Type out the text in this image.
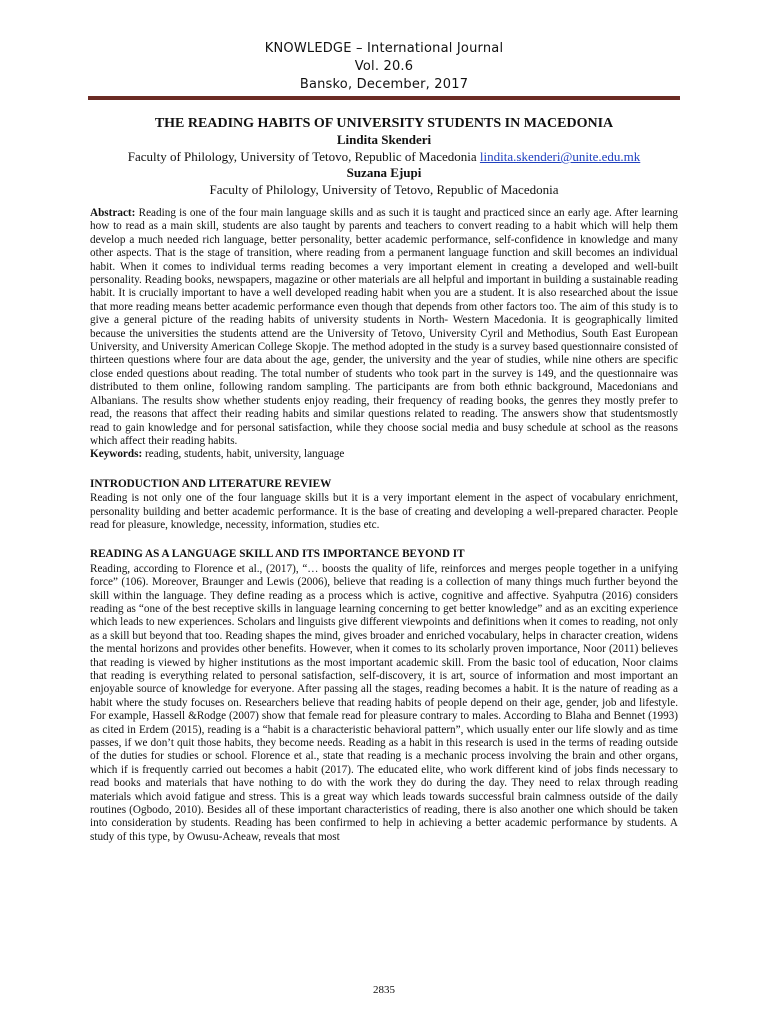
KNOWLEDGE – International Journal
Vol. 20.6
Bansko, December, 2017
THE READING HABITS OF UNIVERSITY STUDENTS IN MACEDONIA
Lindita Skenderi
Faculty of Philology, University of Tetovo, Republic of Macedonia lindita.skenderi@unite.edu.mk
Suzana Ejupi
Faculty of Philology, University of Tetovo, Republic of Macedonia

Abstract: Reading is one of the four main language skills and as such it is taught and practiced since an early age. After learning how to read as a main skill, students are also taught by parents and teachers to convert reading to a habit which will help them develop a much needed rich language, better personality, better academic performance, self-confidence in knowledge and many other aspects. That is the stage of transition, where reading from a permanent language function and skill becomes an individual habit. When it comes to individual terms reading becomes a very important element in creating a developed and well-built personality. Reading books, newspapers, magazine or other materials are all helpful and important in building a sustainable reading habit. It is crucially important to have a well developed reading habit when you are a student. It is also researched about the issue that more reading means better academic performance even though that depends from other factors too. The aim of this study is to give a general picture of the reading habits of university students in North- Western Macedonia. It is geographically limited because the universities the students attend are the University of Tetovo, University Cyril and Methodius, South East European University, and University American College Skopje. The method adopted in the study is a survey based questionnaire consisted of thirteen questions where four are data about the age, gender, the university and the year of studies, while nine others are specific close ended questions about reading. The total number of students who took part in the survey is 149, and the questionnaire was distributed to them online, following random sampling. The participants are from both ethnic background, Macedonians and Albanians. The results show whether students enjoy reading, their frequency of reading books, the genres they mostly prefer to read, the reasons that affect their reading habits and similar questions related to reading. The answers show that studentsmostly read to gain knowledge and for personal satisfaction, while they choose social media and busy schedule at school as the reasons which affect their reading habits.

Keywords: reading, students, habit, university, language

INTRODUCTION AND LITERATURE REVIEW

Reading is not only one of the four language skills but it is a very important element in the aspect of vocabulary enrichment, personality building and better academic performance. It is the base of creating and developing a well-prepared character. People read for pleasure, knowledge, necessity, information, studies etc.

READING AS A LANGUAGE SKILL AND ITS IMPORTANCE BEYOND IT

Reading, according to Florence et al., (2017), “… boosts the quality of life, reinforces and merges people together in a unifying force” (106). Moreover, Braunger and Lewis (2006), believe that reading is a collection of many things much further beyond the skill within the language. They define reading as a process which is active, cognitive and affective. Syahputra (2016) considers reading as “one of the best receptive skills in language learning concerning to get better knowledge” and as an exciting experience which leads to new experiences. Scholars and linguists give different viewpoints and definitions when it comes to reading, not only as a skill but beyond that too. Reading shapes the mind, gives broader and enriched vocabulary, helps in character creation, widens the mental horizons and provides other benefits. However, when it comes to its scholarly proven importance, Noor (2011) believes that reading is viewed by higher institutions as the most important academic skill. From the basic tool of education, Noor claims that reading is everything related to personal satisfaction, self-discovery, it is art, source of information and most important an enjoyable source of knowledge for everyone. After passing all the stages, reading becomes a habit. It is the nature of reading as a habit where the study focuses on. Researchers believe that reading habits of people depend on their age, gender, job and lifestyle. For example, Hassell &Rodge (2007) show that female read for pleasure contrary to males. According to Blaha and Bennet (1993) as cited in Erdem (2015), reading is a “habit is a characteristic behavioral pattern”, which usually enter our life slowly and as time passes, if we don’t quit those habits, they become needs. Reading as a habit in this research is used in the terms of reading outside of the duties for studies or school. Florence et al., state that reading is a mechanic process involving the brain and other organs, which if is frequently carried out becomes a habit (2017). The educated elite, who work different kind of jobs finds necessary to read books and materials that have nothing to do with the work they do during the day. They need to relax through reading materials which avoid fatigue and stress. This is a great way which leads towards successful brain calmness outside of the daily routines (Ogbodo, 2010). Besides all of these important characteristics of reading, there is also another one which should be taken into consideration by students. Reading has been confirmed to help in achieving a better academic performance by students. A study of this type, by Owusu-Acheaw, reveals that most

2835
